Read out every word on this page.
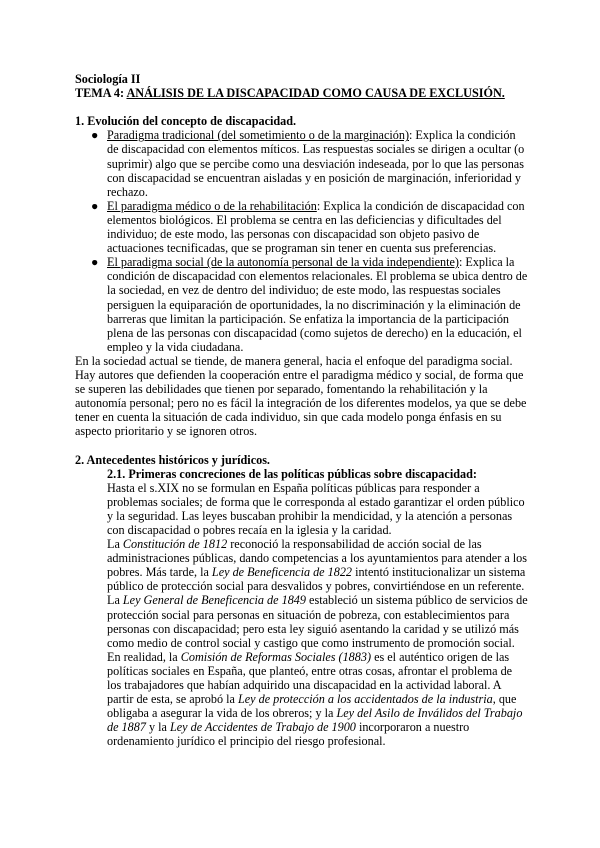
Sociología II
TEMA 4: ANÁLISIS DE LA DISCAPACIDAD COMO CAUSA DE EXCLUSIÓN.
1. Evolución del concepto de discapacidad.
● Paradigma tradicional (del sometimiento o de la marginación): Explica la condición
de discapacidad con elementos míticos. Las respuestas sociales se dirigen a ocultar (o
suprimir) algo que se percibe como una desviación indeseada, por lo que las personas
con discapacidad se encuentran aisladas y en posición de marginación, inferioridad y
rechazo.
● El paradigma médico o de la rehabilitación: Explica la condición de discapacidad con
elementos biológicos. El problema se centra en las deficiencias y dificultades del
individuo; de este modo, las personas con discapacidad son objeto pasivo de
actuaciones tecnificadas, que se programan sin tener en cuenta sus preferencias.
● El paradigma social (de la autonomía personal de la vida independiente): Explica la
condición de discapacidad con elementos relacionales. El problema se ubica dentro de
la sociedad, en vez de dentro del individuo; de este modo, las respuestas sociales
persiguen la equiparación de oportunidades, la no discriminación y la eliminación de
barreras que limitan la participación. Se enfatiza la importancia de la participación
plena de las personas con discapacidad (como sujetos de derecho) en la educación, el
empleo y la vida ciudadana.
En la sociedad actual se tiende, de manera general, hacia el enfoque del paradigma social.
Hay autores que defienden la cooperación entre el paradigma médico y social, de forma que
se superen las debilidades que tienen por separado, fomentando la rehabilitación y la
autonomía personal; pero no es fácil la integración de los diferentes modelos, ya que se debe
tener en cuenta la situación de cada individuo, sin que cada modelo ponga énfasis en su
aspecto prioritario y se ignoren otros.
2. Antecedentes históricos y jurídicos.
2.1. Primeras concreciones de las políticas públicas sobre discapacidad:
Hasta el s.XIX no se formulan en España políticas públicas para responder a
problemas sociales; de forma que le corresponda al estado garantizar el orden público
y la seguridad. Las leyes buscaban prohibir la mendicidad, y la atención a personas
con discapacidad o pobres recaía en la iglesia y la caridad.
La Constitución de 1812 reconoció la responsabilidad de acción social de las
administraciones públicas, dando competencias a los ayuntamientos para atender a los
pobres. Más tarde, la Ley de Beneficencia de 1822 intentó institucionalizar un sistema
público de protección social para desvalidos y pobres, convirtiéndose en un referente.
La Ley General de Beneficencia de 1849 estableció un sistema público de servicios de
protección social para personas en situación de pobreza, con establecimientos para
personas con discapacidad; pero esta ley siguió asentando la caridad y se utilizó más
como medio de control social y castigo que como instrumento de promoción social.
En realidad, la Comisión de Reformas Sociales (1883) es el auténtico origen de las
políticas sociales en España, que planteó, entre otras cosas, afrontar el problema de
los trabajadores que habían adquirido una discapacidad en la actividad laboral. A
partir de esta, se aprobó la Ley de protección a los accidentados de la industria, que
obligaba a asegurar la vida de los obreros; y la Ley del Asilo de Inválidos del Trabajo
de 1887 y la Ley de Accidentes de Trabajo de 1900 incorporaron a nuestro
ordenamiento jurídico el principio del riesgo profesional.
